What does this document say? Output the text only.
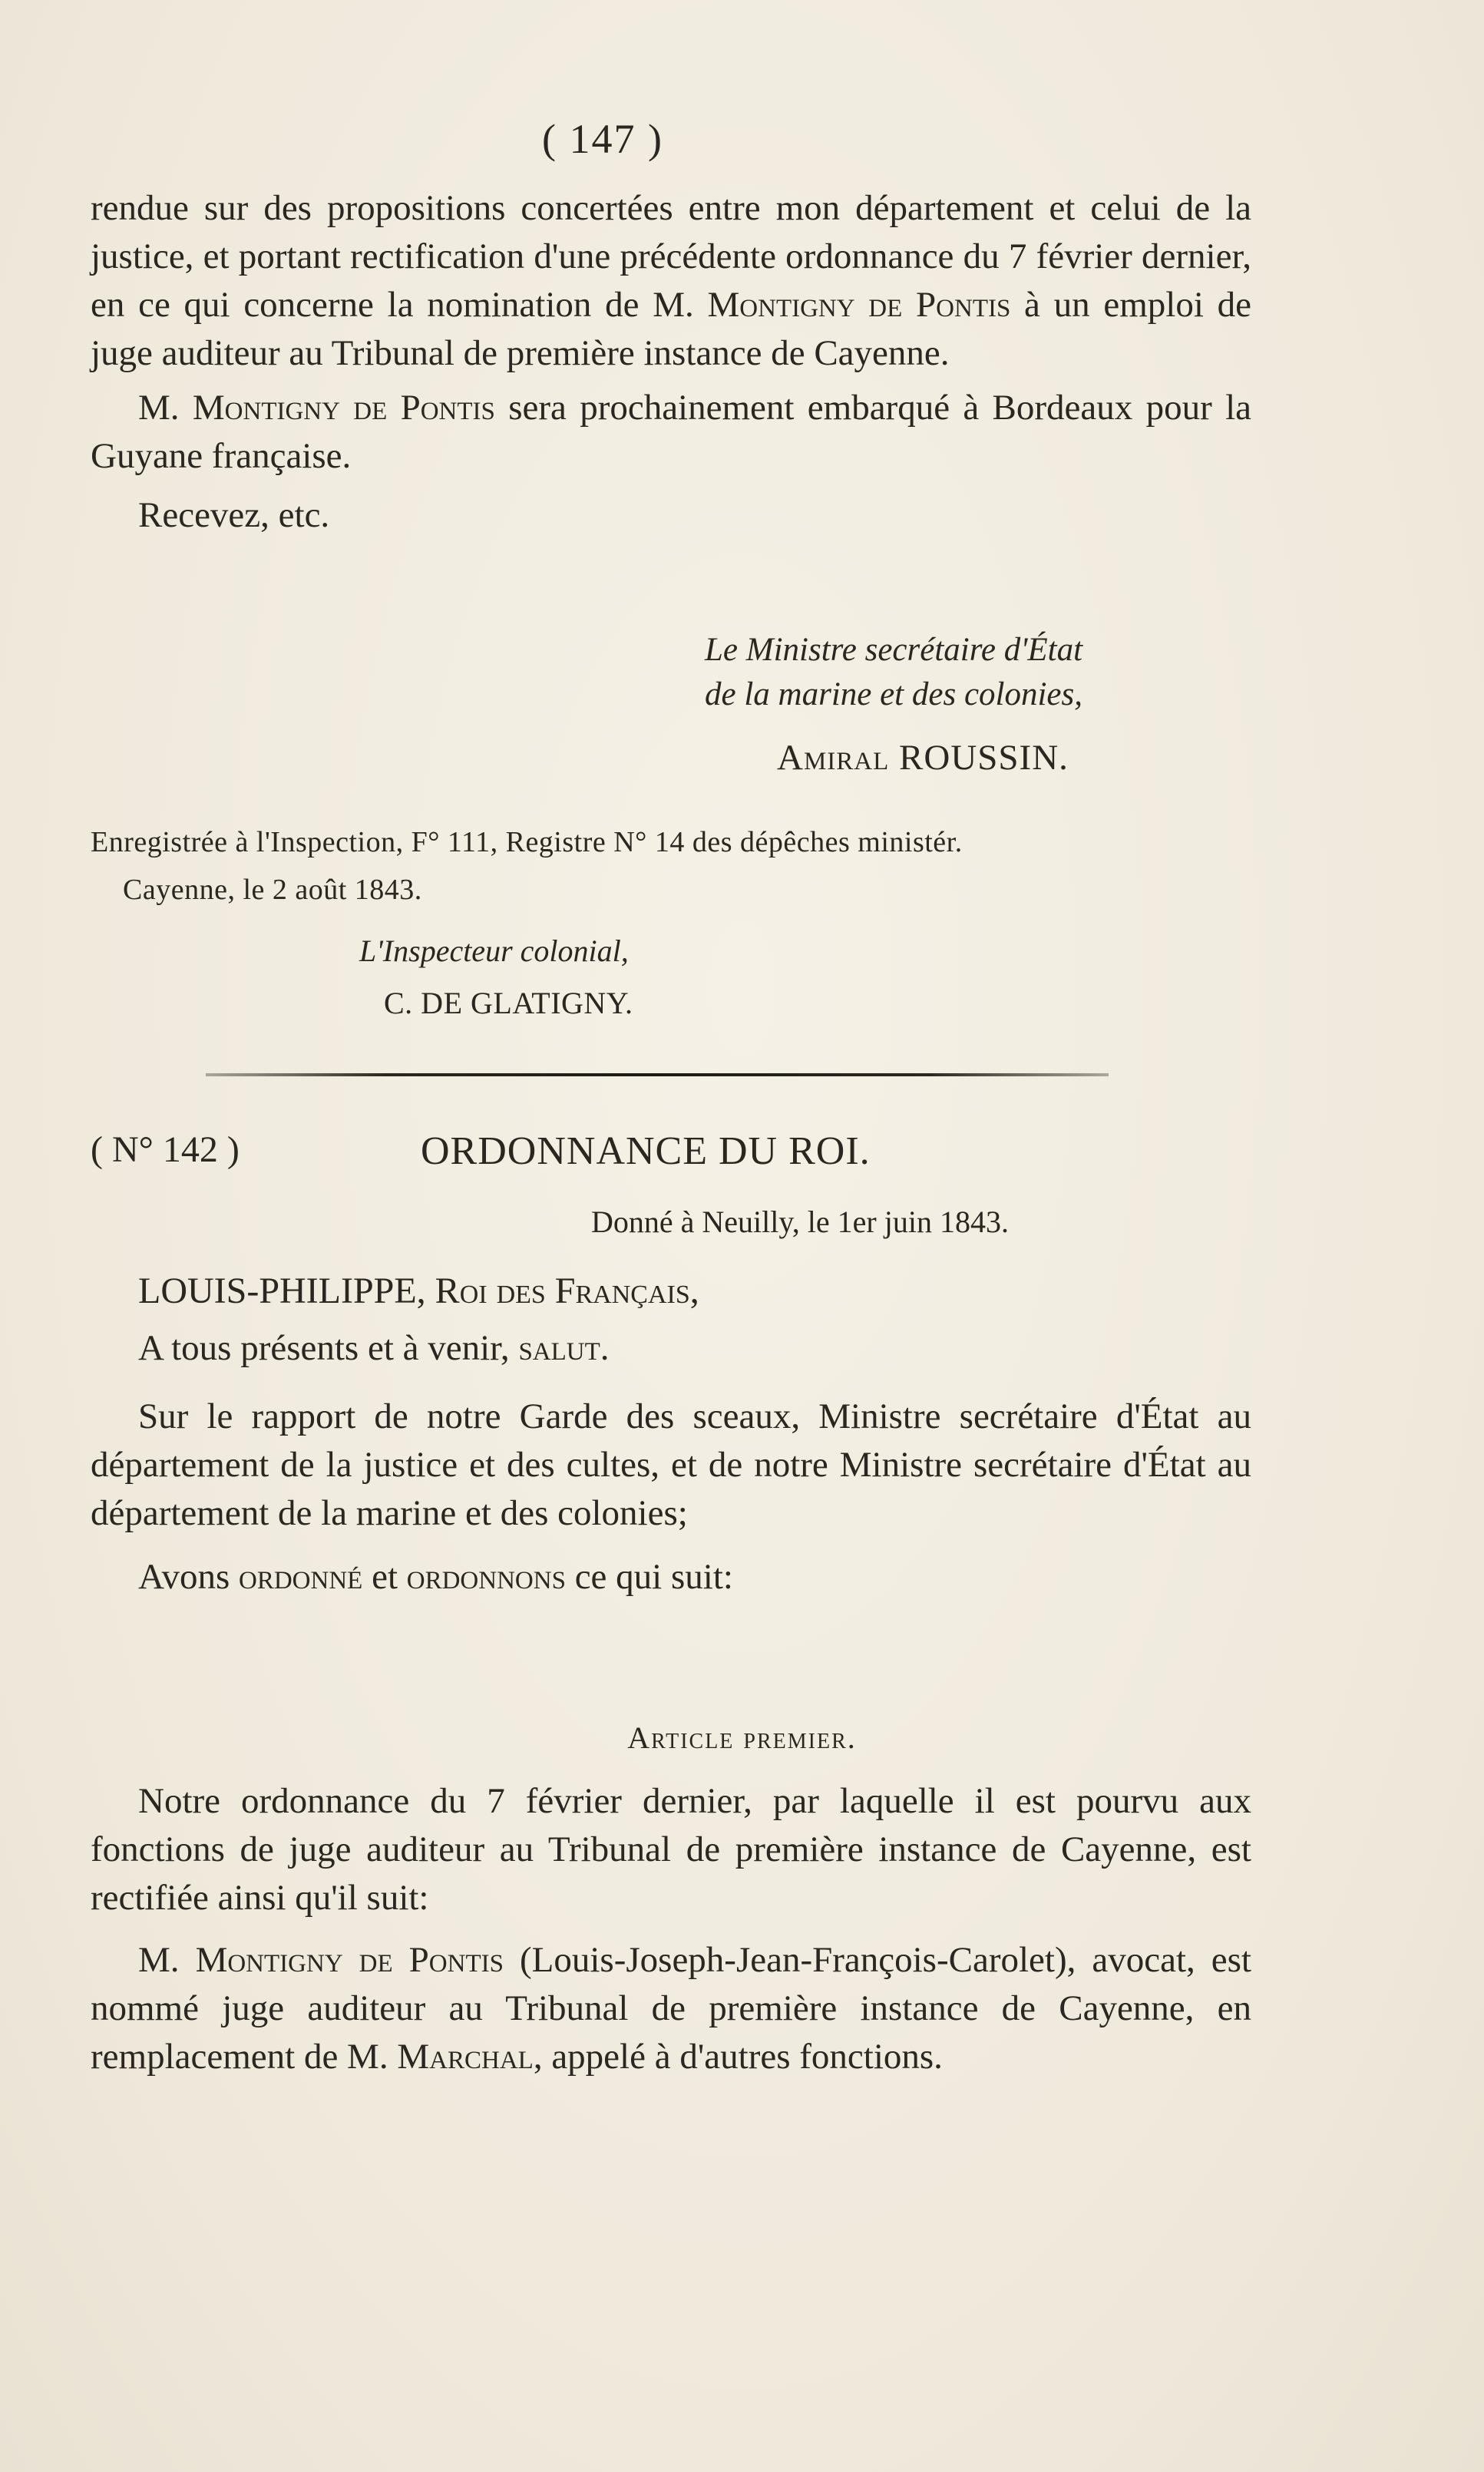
( 147 )

rendue sur des propositions concertées entre mon département et celui de la justice, et portant rectification d'une précédente ordonnance du 7 février dernier, en ce qui concerne la nomination de M. Montigny de Pontis à un emploi de juge auditeur au Tribunal de première instance de Cayenne.

M. Montigny de Pontis sera prochainement embarqué à Bordeaux pour la Guyane française.

Recevez, etc.

Le Ministre secrétaire d'État
de la marine et des colonies,
Amiral ROUSSIN.
Enregistrée à l'Inspection, F° 111, Registre N° 14 des dépêches ministér.
Cayenne, le 2 août 1843.
L'Inspecteur colonial,
C. DE GLATIGNY.
( N° 142 )	ORDONNANCE DU ROI.
Donné à Neuilly, le 1er juin 1843.

LOUIS-PHILIPPE, Roi des Français,

A tous présents et à venir, salut.

Sur le rapport de notre Garde des sceaux, Ministre secrétaire d'État au département de la justice et des cultes, et de notre Ministre secrétaire d'État au département de la marine et des colonies;

Avons ordonné et ordonnons ce qui suit:

Article premier.

Notre ordonnance du 7 février dernier, par laquelle il est pourvu aux fonctions de juge auditeur au Tribunal de première instance de Cayenne, est rectifiée ainsi qu'il suit:

M. Montigny de Pontis (Louis-Joseph-Jean-François-Carolet), avocat, est nommé juge auditeur au Tribunal de première instance de Cayenne, en remplacement de M. Marchal, appelé à d'autres fonctions.
